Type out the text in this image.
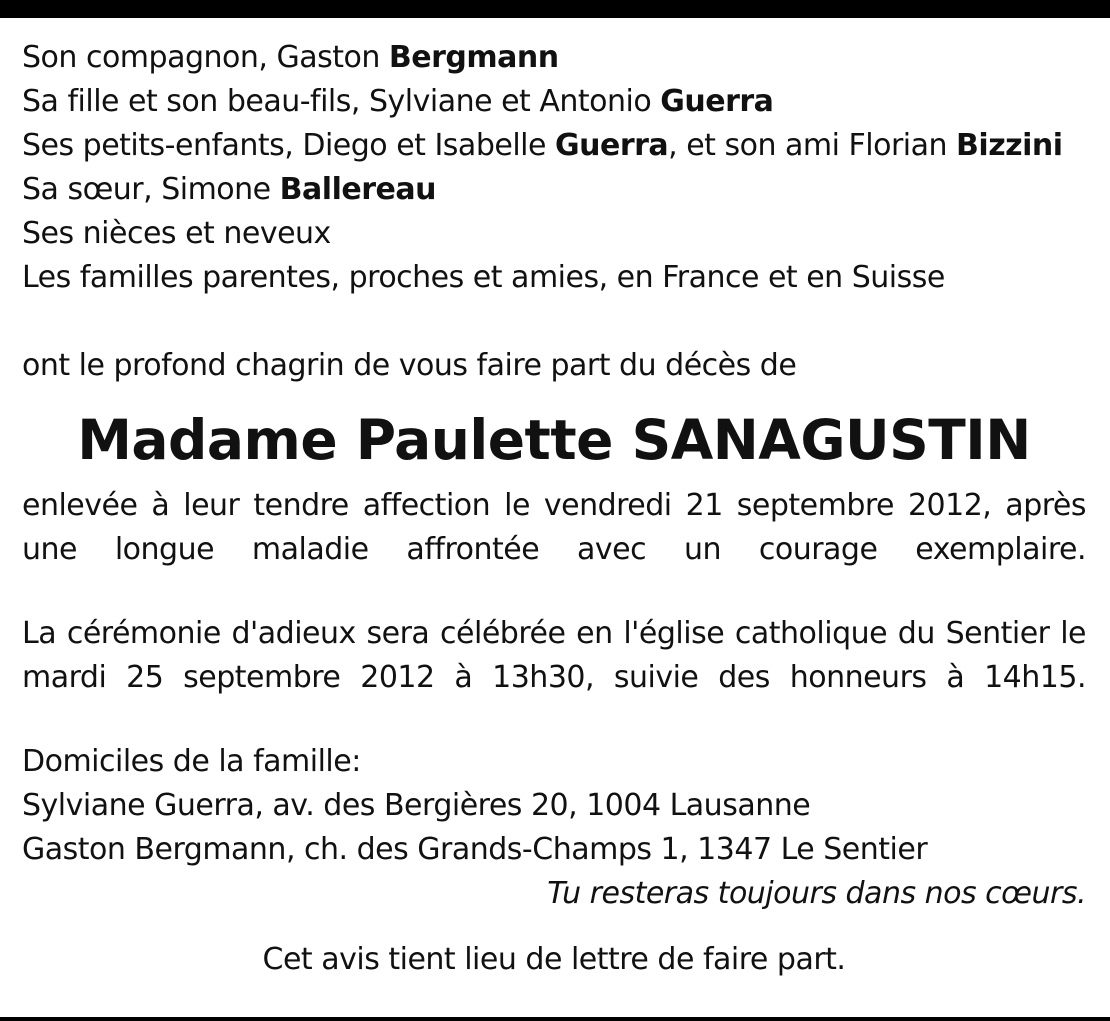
Son compagnon, Gaston Bergmann
Sa fille et son beau-fils, Sylviane et Antonio Guerra
Ses petits-enfants, Diego et Isabelle Guerra, et son ami Florian Bizzini
Sa sœur, Simone Ballereau
Ses nièces et neveux
Les familles parentes, proches et amies, en France et en Suisse
ont le profond chagrin de vous faire part du décès de
Madame Paulette SANAGUSTIN
enlevée à leur tendre affection le vendredi 21 septembre 2012, après
une longue maladie affrontée avec un courage exemplaire.
La cérémonie d'adieux sera célébrée en l'église catholique du Sentier le
mardi 25 septembre 2012 à 13h30, suivie des honneurs à 14h15.
Domiciles de la famille:
Sylviane Guerra, av. des Bergières 20, 1004 Lausanne
Gaston Bergmann, ch. des Grands-Champs 1, 1347 Le Sentier
Tu resteras toujours dans nos cœurs.
Cet avis tient lieu de lettre de faire part.
